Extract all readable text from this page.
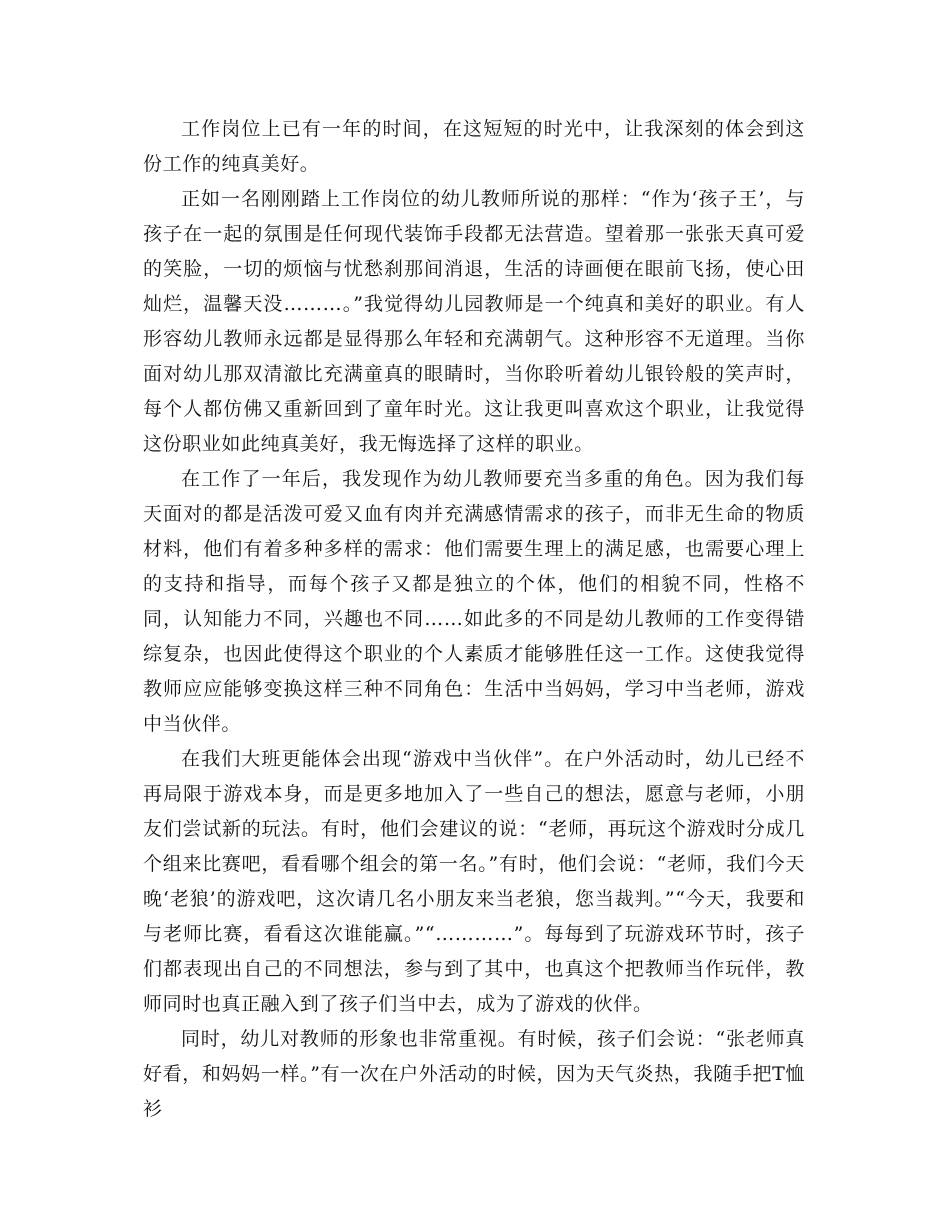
工作岗位上已有一年的时间，在这短短的时光中，让我深刻的体会到这份工作的纯真美好。

正如一名刚刚踏上工作岗位的幼儿教师所说的那样：“作为‘孩子王’，与孩子在一起的氛围是任何现代装饰手段都无法营造。望着那一张张天真可爱的笑脸，一切的烦恼与忧愁刹那间消退，生活的诗画便在眼前飞扬，使心田灿烂，温馨天没………。”我觉得幼儿园教师是一个纯真和美好的职业。有人形容幼儿教师永远都是显得那么年轻和充满朝气。这种形容不无道理。当你面对幼儿那双清澈比充满童真的眼睛时，当你聆听着幼儿银铃般的笑声时，每个人都仿佛又重新回到了童年时光。这让我更叫喜欢这个职业，让我觉得这份职业如此纯真美好，我无悔选择了这样的职业。

在工作了一年后，我发现作为幼儿教师要充当多重的角色。因为我们每天面对的都是活泼可爱又血有肉并充满感情需求的孩子，而非无生命的物质材料，他们有着多种多样的需求：他们需要生理上的满足感，也需要心理上的支持和指导，而每个孩子又都是独立的个体，他们的相貌不同，性格不同，认知能力不同，兴趣也不同……如此多的不同是幼儿教师的工作变得错综复杂，也因此使得这个职业的个人素质才能够胜任这一工作。这使我觉得教师应应能够变换这样三种不同角色：生活中当妈妈，学习中当老师，游戏中当伙伴。

在我们大班更能体会出现“游戏中当伙伴”。在户外活动时，幼儿已经不再局限于游戏本身，而是更多地加入了一些自己的想法，愿意与老师，小朋友们尝试新的玩法。有时，他们会建议的说：“老师，再玩这个游戏时分成几个组来比赛吧，看看哪个组会的第一名。”有时，他们会说：“老师，我们今天晚‘老狼’的游戏吧，这次请几名小朋友来当老狼，您当裁判。”“今天，我要和与老师比赛，看看这次谁能赢。”“…………”。每每到了玩游戏环节时，孩子们都表现出自己的不同想法，参与到了其中，也真这个把教师当作玩伴，教师同时也真正融入到了孩子们当中去，成为了游戏的伙伴。

同时，幼儿对教师的形象也非常重视。有时候，孩子们会说：“张老师真好看，和妈妈一样。”有一次在户外活动的时候，因为天气炎热，我随手把T恤衫
